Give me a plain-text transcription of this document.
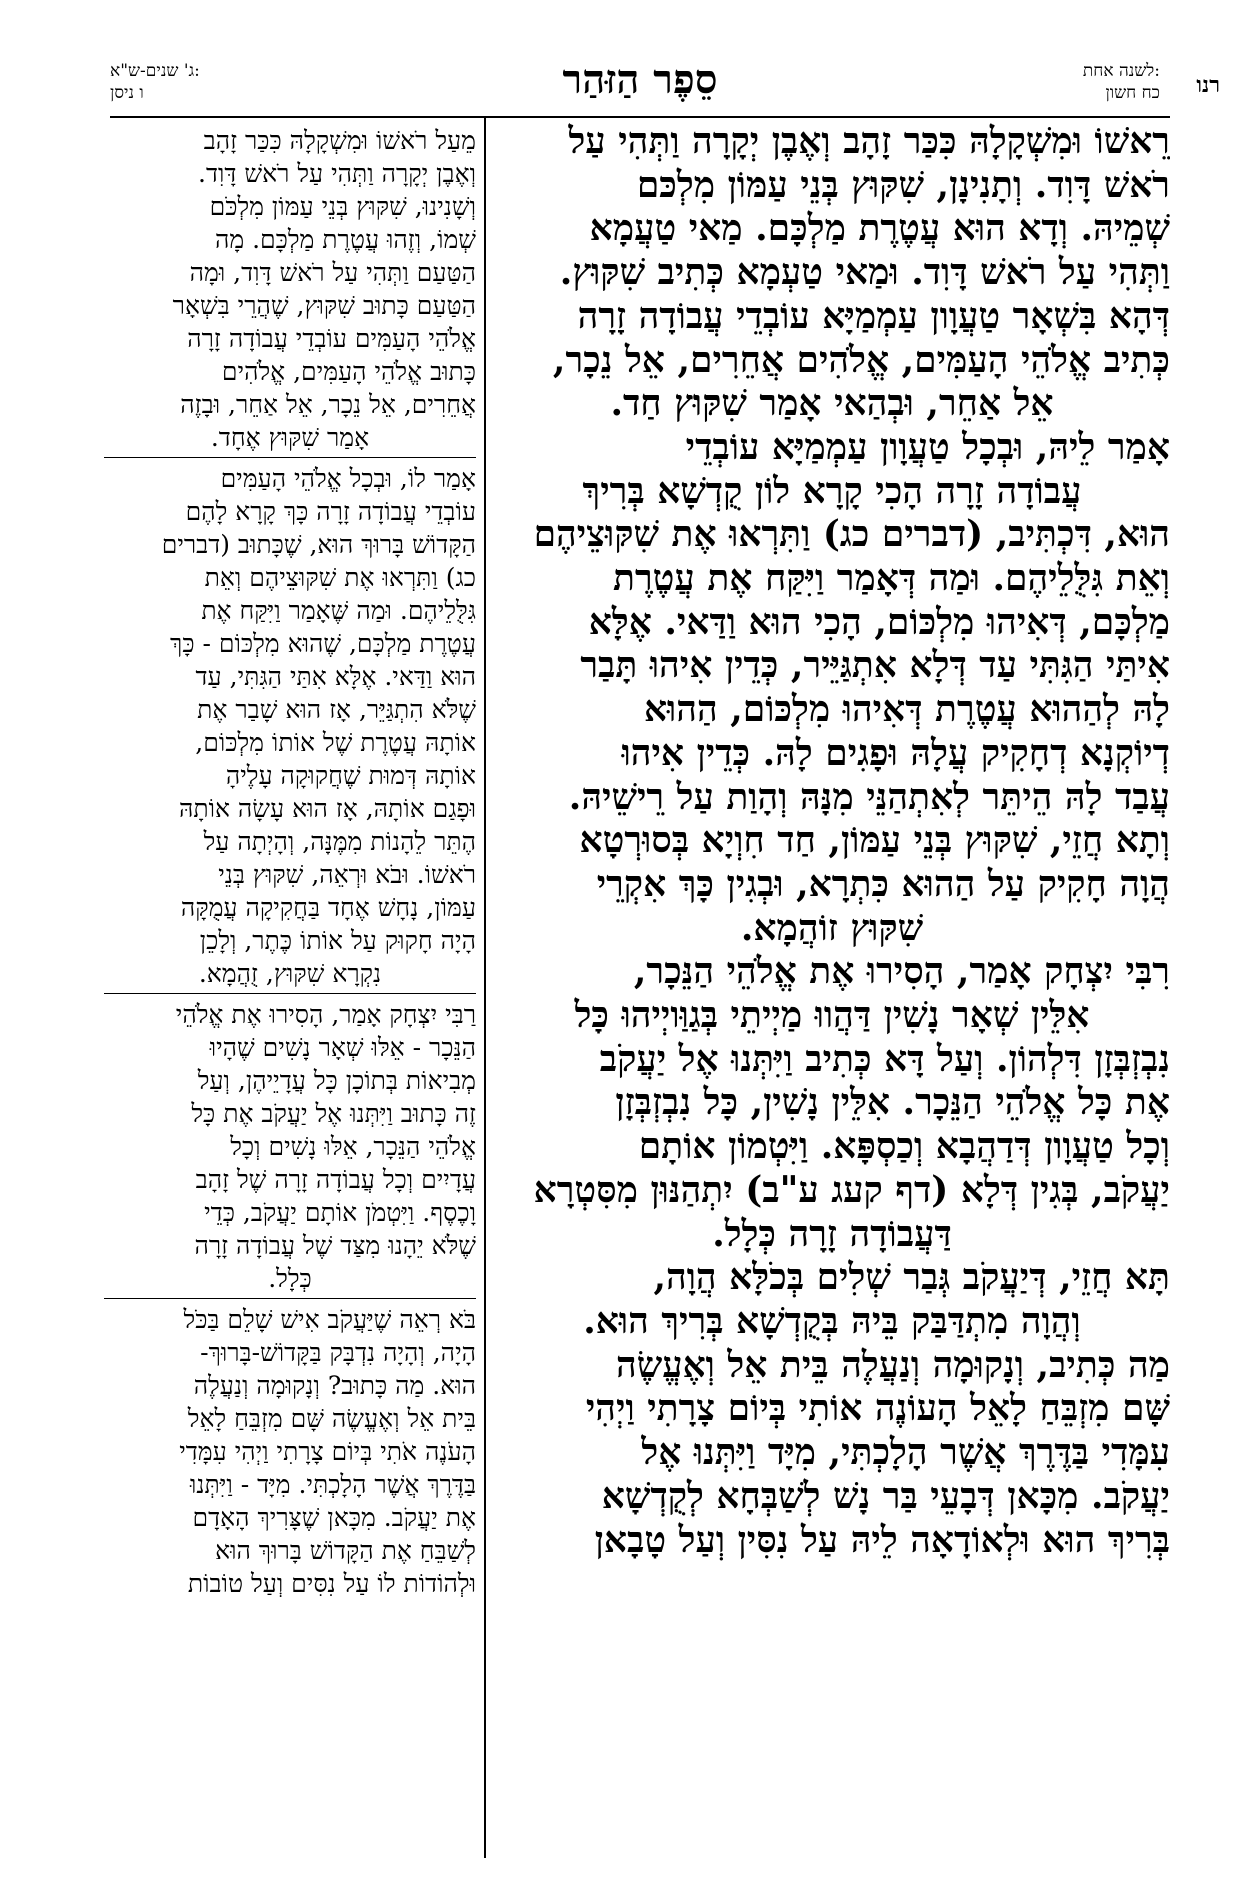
רנו
לשנה אחת:
כח חשון
סֵפֶר הַזּהַר
ג' שנים-ש"א:
ו ניסן
רֵאשׁוֹ וּמִשְׁקָלָהּ כִּכַּר זָהָב וְאֶבֶן יְקָרָה וַתְּהִי עַל
רֹאשׁ דָּוִד. וְתָנִינָן, שִׁקּוּץ בְּנֵי עַמּוֹן מִלְכּם
שְׁמֵיהּ. וְדָא הוּא עֲטֶרֶת מַלְכָּם. מַאי טַעֲמָא
וַתְּהִי עַל רֹאשׁ דָּוִד. וּמַאי טַעְמָא כְּתִיב שִׁקּוּץ.
דְּהָא בִּשְׁאָר טַעֲוָון עַמְמַיָּא עוֹבְדֵי עֲבוֹדָה זָרָה
כְּתִיב אֱלֹהֵי הָעַמִּים, אֱלֹהִים אֲחֵרִים, אֵל נֵכָר,
אֵל אַחֵר, וּבְהַאי אָמַר שִׁקּוּץ חַד.
אָמַר לֵיהּ, וּבְכָל טַעֲוָון עַמְמַיָּא עוֹבְדֵי
עֲבוֹדָה זָרָה הָכִי קָרָא לוֹן קֻדְשָׁא בְּרִיךְ
הוּא, דִּכְתִּיב, (דברים כג) וַתִּרְאוּ אֶת שִׁקּוּצֵיהֶם
וְאֵת גִּלֻּלֵיהֶם. וּמַה דְּאָמַר וַיִּקַּח אֶת עֲטֶרֶת
מַלְכָּם, דְּאִיהוּ מִלְכּוֹם, הָכִי הוּא וַדַּאי. אֶלָּא
אִיתַּי הַגִּתִּי עַד דְּלָא אִתְגַּיֵּיר, כְּדֵין אִיהוּ תָּבַר
לָהּ לְהַהוּא עֲטֶרֶת דְּאִיהוּ מִלְכּוֹם, הַהוּא
דְיוֹקְנָא דְחָקִיק עֲלָהּ וּפָגִים לָהּ. כְּדֵין אִיהוּ
עֲבַד לָהּ הֵיתֵּר לְאִתְהַנֵּי מִנָּהּ וְהָוַת עַל רֵישֵׁיהּ.
וְתָא חֲזֵי, שִׁקּוּץ בְּנֵי עַמּוֹן, חַד חִוְיָא בְּסוּרְטָא
הֲוָה חָקִיק עַל הַהוּא כִּתְרָא, וּבְגִין כָּךְ אִקְרֵי
שִׁקּוּץ זוֹהֲמָא.
רִבִּי יִצְחָק אָמַר, הָסִירוּ אֶת אֱלֹהֵי הַנֵּכָר,
אִלֵּין שְׁאָר נָשִׁין דַּהֲווּ מַיְיתֵי בְּגַוַּויְיהוּ כָּל
נִבְזְבְּזָן דִּלְהוֹן. וְעַל דָּא כְּתִיב וַיִּתְּנוּ אֶל יַעֲקֹב
אֶת כָּל אֱלֹהֵי הַנֵּכָר. אִלֵּין נָשִׁין, כָּל נִבְזְבְּזָן
וְכָל טַעֲוָון דְּדַהֲבָא וְכַסְפָּא. וַיִּטְמוֹן אוֹתָם
יַעֲקֹב, בְּגִין דְּלָא (דף קעג ע"ב) יִתְהַנּוּן מִסִּטְרָא
דַּעֲבוֹדָה זָרָה כְּלָל.
תָּא חֲזֵי, דְּיַעֲקֹב גְּבַר שְׁלִים בְּכֹלָּא הֲוָה,
וְהֲוָה מִתְדַּבַּק בֵּיהּ בְּקֻדְשָׁא בְּרִיךְ הוּא.
מַה כְּתִיב, וְנָקוּמָה וְנַעֲלֶה בֵּית אֵל וְאֶעֱשֶׂה
שָּׁם מִזְבֵּחַ לָאֵל הָעוֹנֶה אוֹתִי בְּיוֹם צָרָתִי וַיְהִי
עִמָּדִי בַּדֶּרֶךְ אֲשֶׁר הָלָכְתִּי, מִיָּד וַיִּתְּנוּ אֶל
יַעֲקֹב. מִכָּאן דְּבָעֵי בַּר נָשׁ לְשַׁבְּחָא לְקֻדְשָׁא
בְּרִיךְ הוּא וּלְאוֹדָאָה לֵיהּ עַל נִסִּין וְעַל טָבָאן
מֵעַל רֹאשׁוֹ וּמִשְׁקָלָהּ כִּכַּר זָהָב
וְאֶבֶן יְקָרָה וַתְּהִי עַל רֹאשׁ דָּוִד.
וְשָׁנִינוּ, שִׁקּוּץ בְּנֵי עַמּוֹן מִלְכֹּם
שְׁמוֹ, וְזֶהוּ עֲטֶרֶת מַלְכָּם. מָה
הַטַּעַם וַתְּהִי עַל רֹאשׁ דָּוִד, וּמָה
הַטַּעַם כָּתוּב שִׁקּוּץ, שֶׁהֲרֵי בִּשְׁאָר
אֱלֹהֵי הָעַמִּים עוֹבְדֵי עֲבוֹדָה זָרָה
כָּתוּב אֱלֹהֵי הָעַמִּים, אֱלֹהִים
אֲחֵרִים, אֵל נֵכָר, אֵל אַחֵר, וּבָזֶה
אָמַר שִׁקּוּץ אֶחָד.
אָמַר לוֹ, וּבְכָל אֱלֹהֵי הָעַמִּים
עוֹבְדֵי עֲבוֹדָה זָרָה כָּךְ קָרָא לָהֶם
הַקָּדוֹשׁ בָּרוּךְ הוּא, שֶׁכָּתוּב (דברים
כג) וַתִּרְאוּ אֶת שִׁקּוּצֵיהֶם וְאֵת
גִּלֻּלֵיהֶם. וּמַה שֶּׁאָמַר וַיִּקַּח אֶת
עֲטֶרֶת מַלְכָּם, שֶׁהוּא מִלְכּוֹם - כָּךְ
הוּא וַדַּאי. אֶלָּא אִתַּי הַגִּתִּי, עַד
שֶׁלֹּא הִתְגַּיֵּר, אָז הוּא שָׁבַר אֶת
אוֹתָהּ עֲטֶרֶת שֶׁל אוֹתוֹ מִלְכּוֹם,
אוֹתָהּ דְּמוּת שֶׁחֲקוּקָה עָלֶיהָ
וּפָגַם אוֹתָהּ, אָז הוּא עָשָׂה אוֹתָהּ
הֶתֵּר לֵהָנוֹת מִמֶּנָּה, וְהָיְתָה עַל
רֹאשׁוֹ. וּבֹא וּרְאֵה, שִׁקּוּץ בְּנֵי
עַמּוֹן, נָחָשׁ אֶחָד בַּחֲקִיקָה עֲמֻקָּה
הָיָה חָקוּק עַל אוֹתוֹ כֶּתֶר, וְלָכֵן
נִקְרָא שִׁקּוּץ, זֻהֲמָא.
רַבִּי יִצְחָק אָמַר, הָסִירוּ אֶת אֱלֹהֵי
הַנֵּכָר - אֵלּוּ שְׁאָר נָשִׁים שֶׁהָיוּ
מְבִיאוֹת בְּתוֹכָן כָּל עֲדָיֵיהֶן, וְעַל
זֶה כָּתוּב וַיִּתְּנוּ אֶל יַעֲקֹב אֶת כָּל
אֱלֹהֵי הַנֵּכָר, אֵלּוּ נָשִׁים וְכָל
עֲדָיִים וְכָל עֲבוֹדָה זָרָה שֶׁל זָהָב
וָכֶסֶף. וַיִּטְמֹן אוֹתָם יַעֲקֹב, כְּדֵי
שֶׁלֹּא יֵהָנוּ מִצַּד שֶׁל עֲבוֹדָה זָרָה
כְּלָל.
בֹּא רְאֵה שֶׁיַּעֲקֹב אִישׁ שָׁלֵם בַּכֹּל
הָיָה, וְהָיָה נִדְבָּק בַּקָּדוֹשׁ-בָּרוּךְ-
הוּא. מַה כָּתוּב? וְנָקוּמָה וְנַעֲלֶה
בֵּית אֵל וְאֶעֱשֶׂה שָּׁם מִזְבֵּחַ לָאֵל
הָעֹנֶה אֹתִי בְּיוֹם צָרָתִי וַיְהִי עִמָּדִי
בַּדֶּרֶךְ אֲשֶׁר הָלָכְתִּי. מִיָּד - וַיִּתְּנוּ
אֶת יַעֲקֹב. מִכָּאן שֶׁצָּרִיךְ הָאָדָם
לְשַׁבֵּחַ אֶת הַקָּדוֹשׁ בָּרוּךְ הוּא
וּלְהוֹדוֹת לוֹ עַל נִסִּים וְעַל טוֹבוֹת
